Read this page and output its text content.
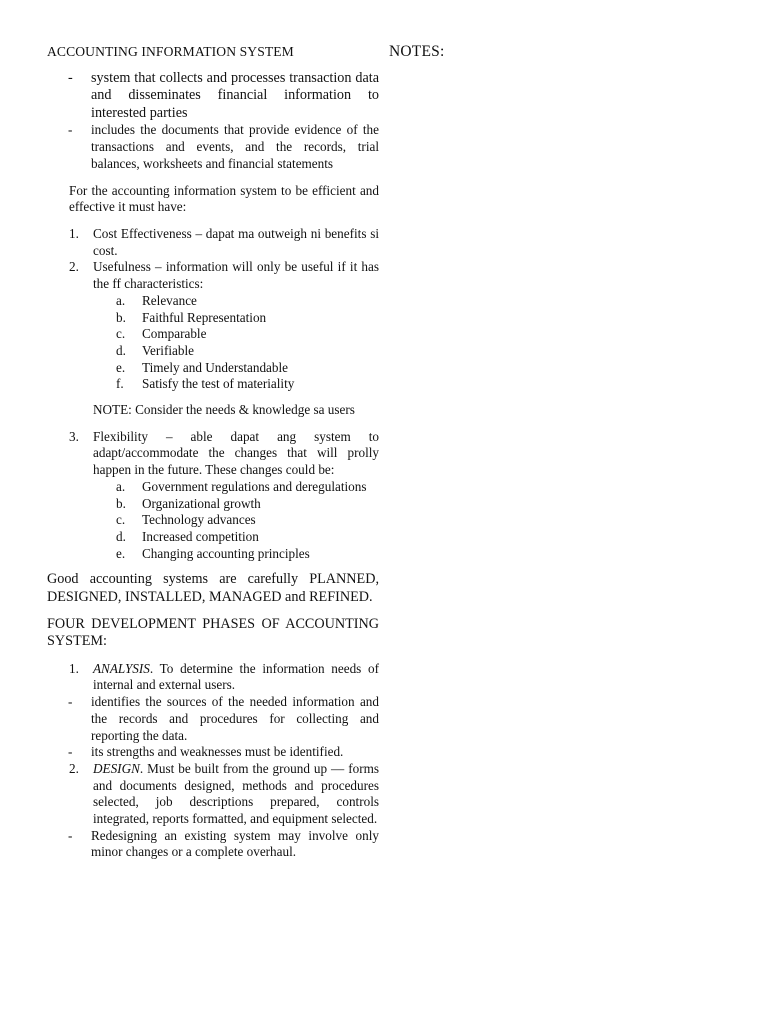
NOTES:
ACCOUNTING INFORMATION SYSTEM
-	system that collects and processes transaction data and disseminates financial information to interested parties
-	includes the documents that provide evidence of the transactions and events, and the records, trial balances, worksheets and financial statements
For the accounting information system to be efficient and effective it must have:
1.	Cost Effectiveness – dapat ma outweigh ni benefits si cost.
2.	Usefulness – information will only be useful if it has the ff characteristics:
a.	Relevance
b.	Faithful Representation
c.	Comparable
d.	Verifiable
e.	Timely and Understandable
f.	Satisfy the test of materiality
NOTE: Consider the needs & knowledge sa users
3.	Flexibility – able dapat ang system to adapt/accommodate the changes that will prolly happen in the future. These changes could be:
a.	Government regulations and deregulations
b.	Organizational growth
c.	Technology advances
d.	Increased competition
e.	Changing accounting principles
Good accounting systems are carefully PLANNED, DESIGNED, INSTALLED, MANAGED and REFINED.
FOUR DEVELOPMENT PHASES OF ACCOUNTING SYSTEM:
1.	ANALYSIS. To determine the information needs of internal and external users.
-	identifies the sources of the needed information and the records and procedures for collecting and reporting the data.
-	its strengths and weaknesses must be identified.
2.	DESIGN. Must be built from the ground up — forms and documents designed, methods and procedures selected, job descriptions prepared, controls integrated, reports formatted, and equipment selected.
-	Redesigning an existing system may involve only minor changes or a complete overhaul.
